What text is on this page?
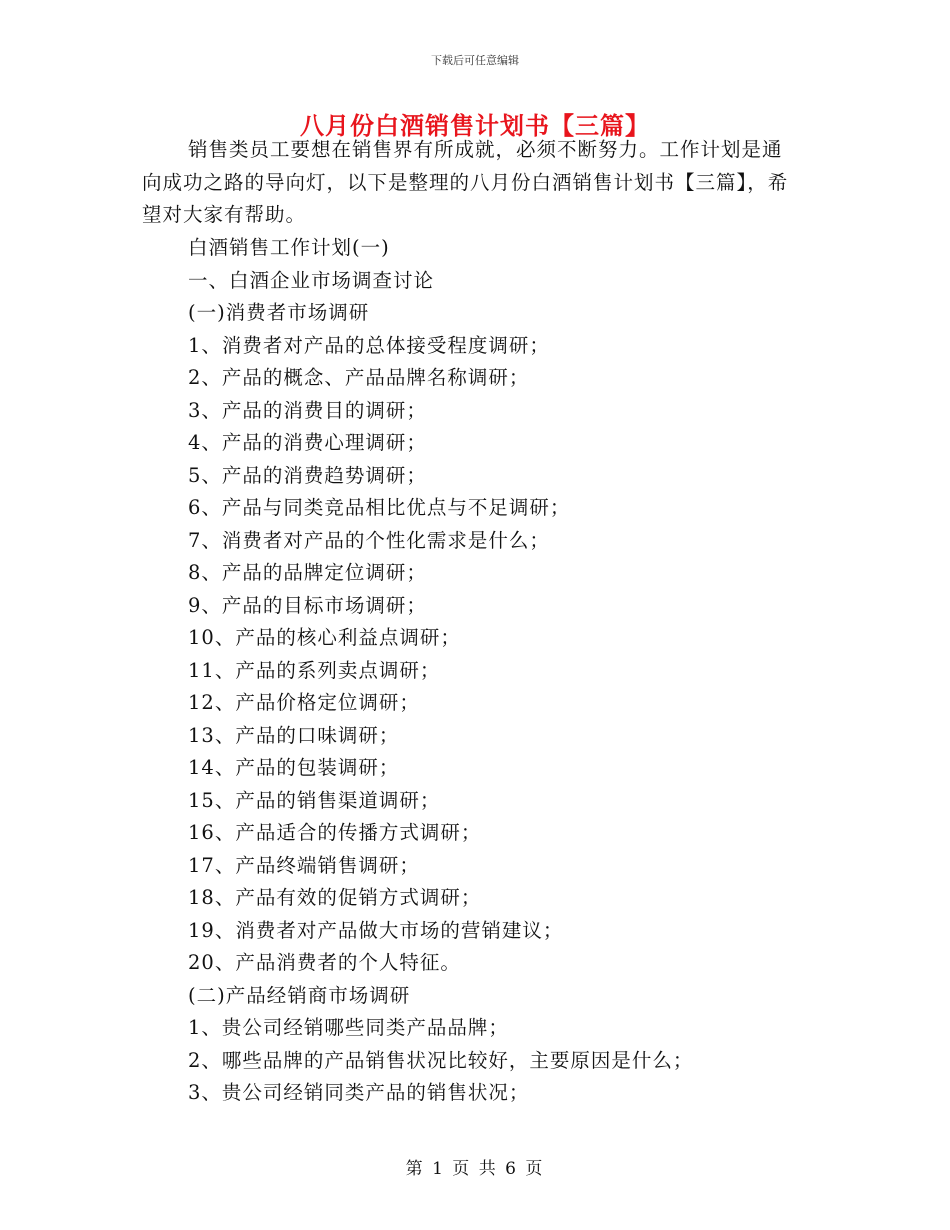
下载后可任意编辑
八月份白酒销售计划书【三篇】
销售类员工要想在销售界有所成就，必须不断努力。工作计划是通向成功之路的导向灯，以下是整理的八月份白酒销售计划书【三篇】，希望对大家有帮助。
白酒销售工作计划(一)
一、白酒企业市场调查讨论
(一)消费者市场调研
1、消费者对产品的总体接受程度调研；
2、产品的概念、产品品牌名称调研；
3、产品的消费目的调研；
4、产品的消费心理调研；
5、产品的消费趋势调研；
6、产品与同类竞品相比优点与不足调研；
7、消费者对产品的个性化需求是什么；
8、产品的品牌定位调研；
9、产品的目标市场调研；
10、产品的核心利益点调研；
11、产品的系列卖点调研；
12、产品价格定位调研；
13、产品的口味调研；
14、产品的包装调研；
15、产品的销售渠道调研；
16、产品适合的传播方式调研；
17、产品终端销售调研；
18、产品有效的促销方式调研；
19、消费者对产品做大市场的营销建议；
20、产品消费者的个人特征。
(二)产品经销商市场调研
1、贵公司经销哪些同类产品品牌；
2、哪些品牌的产品销售状况比较好，主要原因是什么；
3、贵公司经销同类产品的销售状况；
第 1 页 共 6 页
